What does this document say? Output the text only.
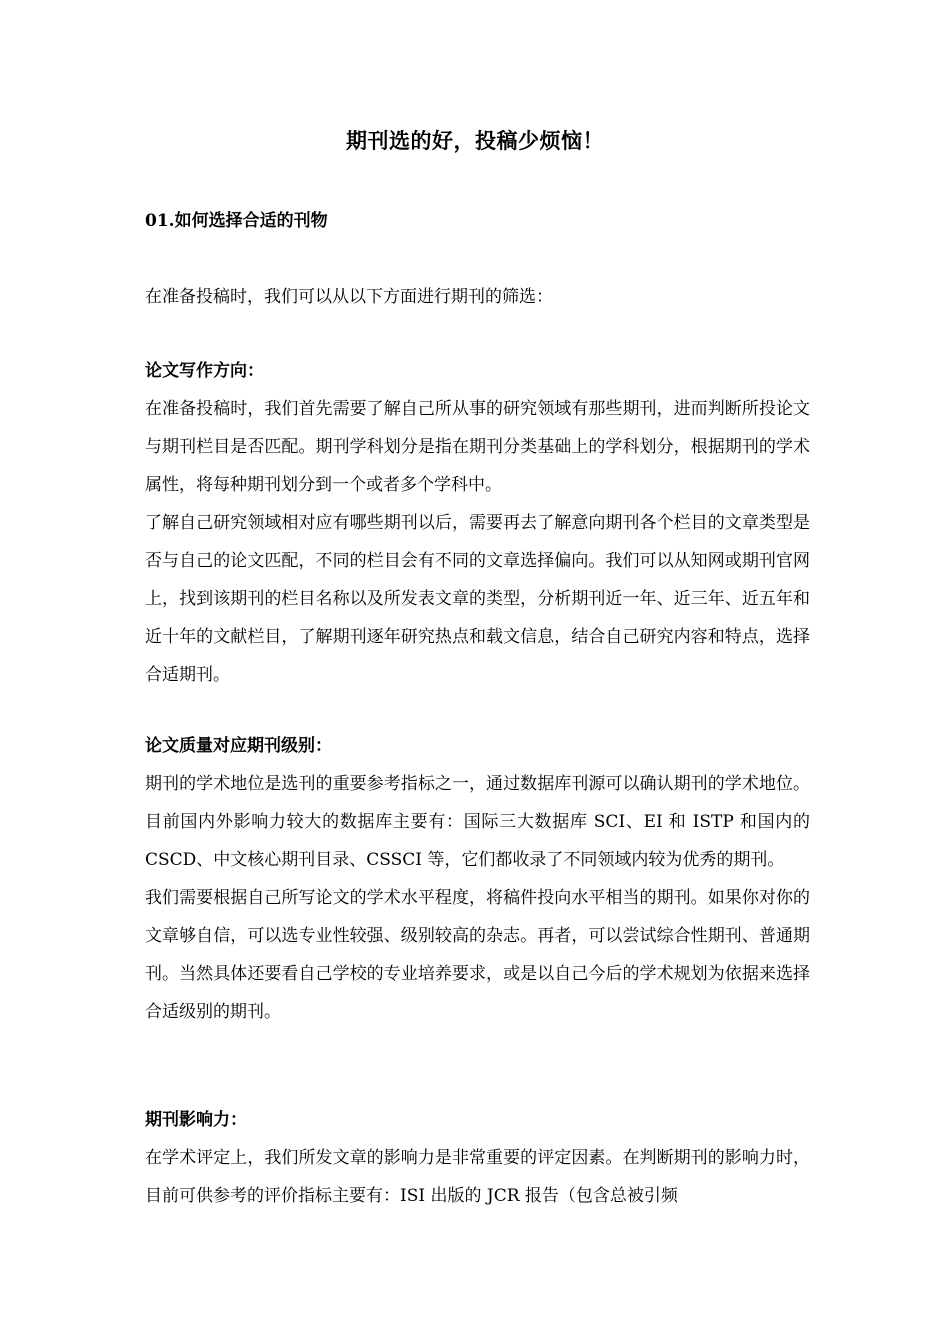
期刊选的好，投稿少烦恼！
01.如何选择合适的刊物
在准备投稿时，我们可以从以下方面进行期刊的筛选：
论文写作方向：

在准备投稿时，我们首先需要了解自己所从事的研究领域有那些期刊，进而判断所投论文与期刊栏目是否匹配。期刊学科划分是指在期刊分类基础上的学科划分，根据期刊的学术属性，将每种期刊划分到一个或者多个学科中。

了解自己研究领域相对应有哪些期刊以后，需要再去了解意向期刊各个栏目的文章类型是否与自己的论文匹配，不同的栏目会有不同的文章选择偏向。我们可以从知网或期刊官网上，找到该期刊的栏目名称以及所发表文章的类型，分析期刊近一年、近三年、近五年和近十年的文献栏目，了解期刊逐年研究热点和载文信息，结合自己研究内容和特点，选择合适期刊。

论文质量对应期刊级别：

期刊的学术地位是选刊的重要参考指标之一，通过数据库刊源可以确认期刊的学术地位。目前国内外影响力较大的数据库主要有：国际三大数据库 SCI、EI 和 ISTP 和国内的 CSCD、中文核心期刊目录、CSSCI 等，它们都收录了不同领域内较为优秀的期刊。

我们需要根据自己所写论文的学术水平程度，将稿件投向水平相当的期刊。如果你对你的文章够自信，可以选专业性较强、级别较高的杂志。再者，可以尝试综合性期刊、普通期刊。当然具体还要看自己学校的专业培养要求，或是以自己今后的学术规划为依据来选择合适级别的期刊。

期刊影响力：

在学术评定上，我们所发文章的影响力是非常重要的评定因素。在判断期刊的影响力时，目前可供参考的评价指标主要有：ISI 出版的 JCR 报告（包含总被引频
